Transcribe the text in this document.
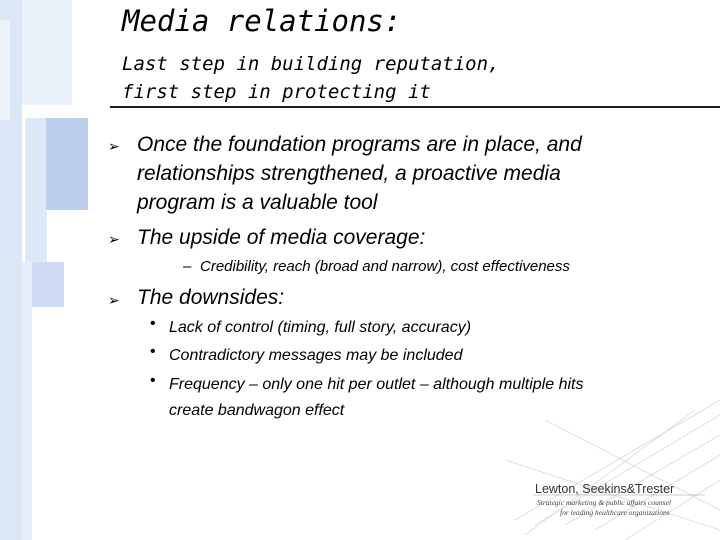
Media relations:
Last step in building reputation,
first step in protecting it
➢ Once the foundation programs are in place, and
relationships strengthened, a proactive media
program is a valuable tool
➢ The upside of media coverage:
– Credibility, reach (broad and narrow), cost effectiveness
➢ The downsides:
• Lack of control (timing, full story, accuracy)
• Contradictory messages may be included
• Frequency – only one hit per outlet – although multiple hits
create bandwagon effect
Lewton, Seekins&Trester
Strategic marketing & public affairs counsel
for leading healthcare organizations
